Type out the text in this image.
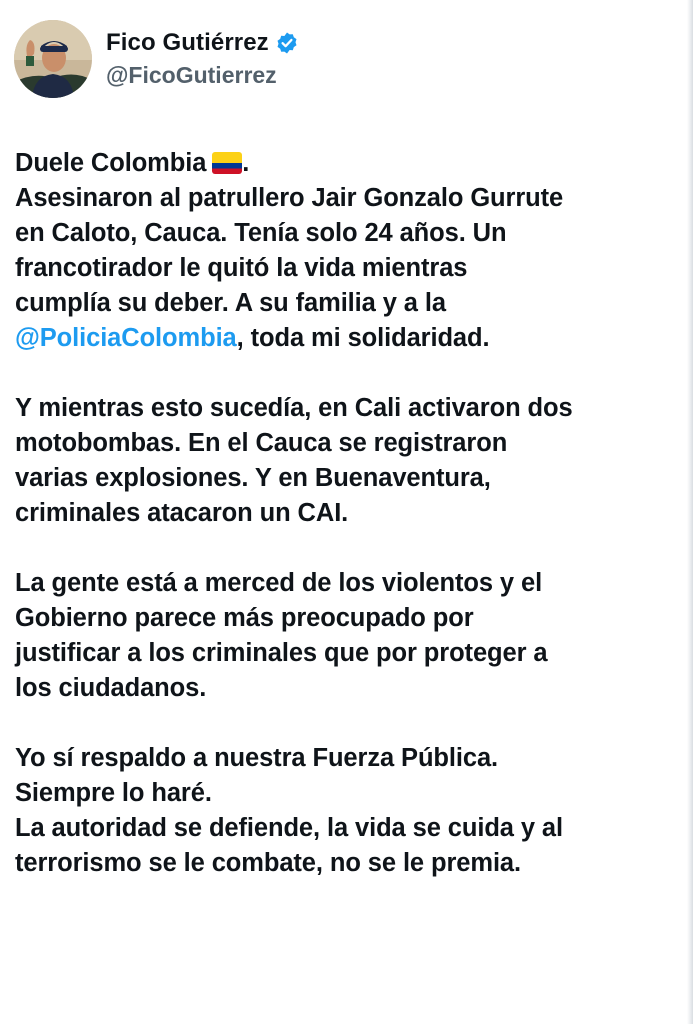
Fico Gutiérrez
@FicoGutierrez
Duele Colombia .
Asesinaron al patrullero Jair Gonzalo Gurrute
en Caloto, Cauca. Tenía solo 24 años. Un
francotirador le quitó la vida mientras
cumplía su deber. A su familia y a la
@PoliciaColombia, toda mi solidaridad.
Y mientras esto sucedía, en Cali activaron dos
motobombas. En el Cauca se registraron
varias explosiones. Y en Buenaventura,
criminales atacaron un CAI.
La gente está a merced de los violentos y el
Gobierno parece más preocupado por
justificar a los criminales que por proteger a
los ciudadanos.
Yo sí respaldo a nuestra Fuerza Pública.
Siempre lo haré.
La autoridad se defiende, la vida se cuida y al
terrorismo se le combate, no se le premia.
